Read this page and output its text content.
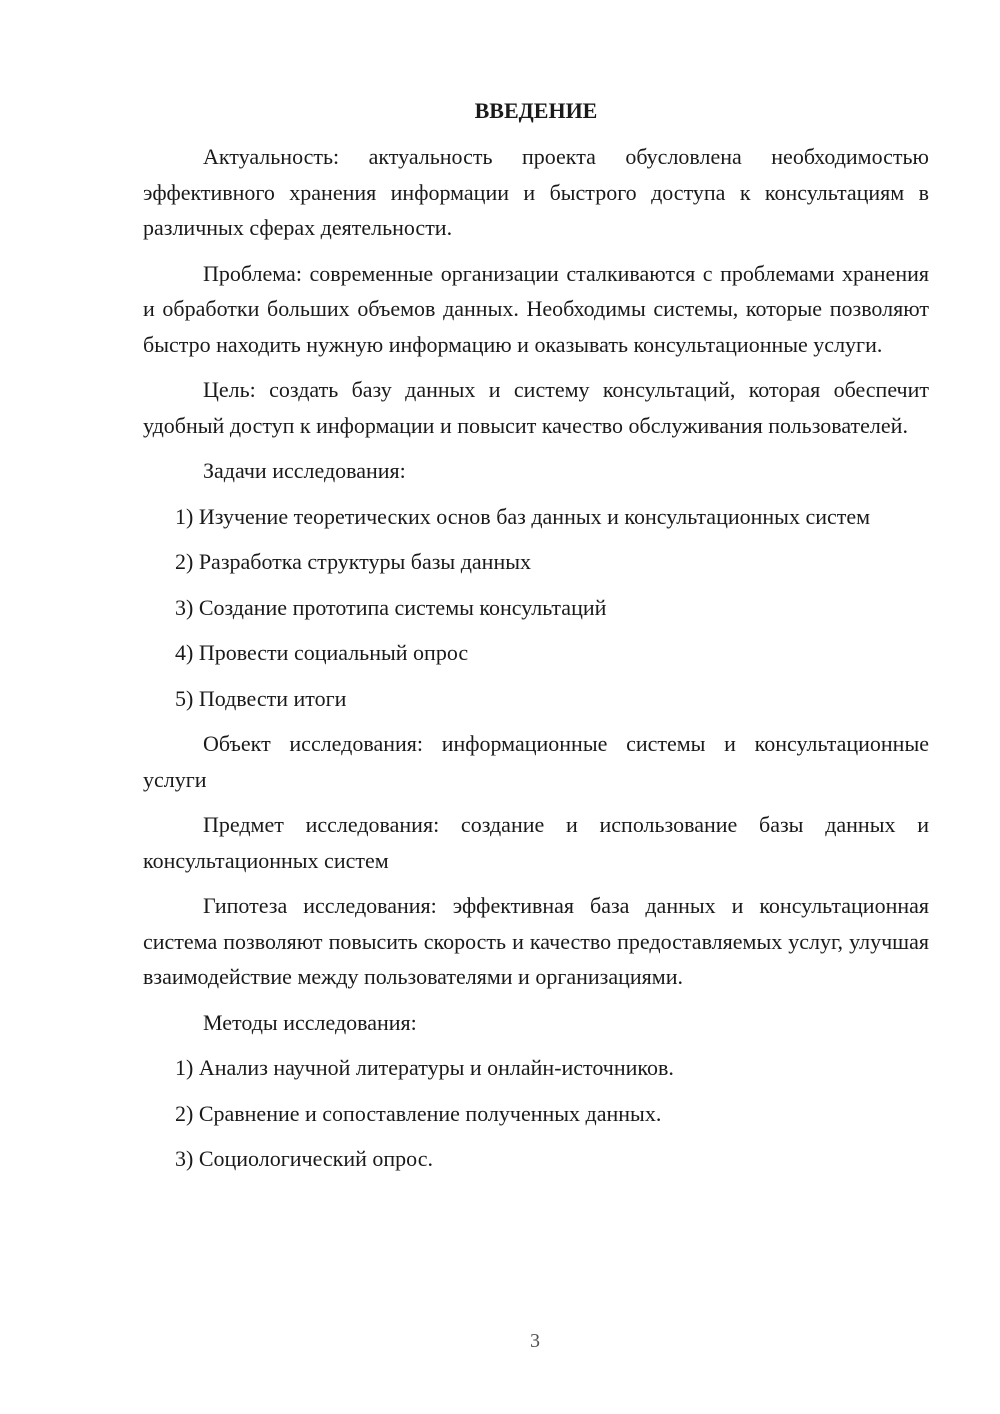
ВВЕДЕНИЕ

Актуальность: актуальность проекта обусловлена необходимостью эффективного хранения информации и быстрого доступа к консультациям в различных сферах деятельности.

Проблема: современные организации сталкиваются с проблемами хранения и обработки больших объемов данных. Необходимы системы, которые позволяют быстро находить нужную информацию и оказывать консультационные услуги.

Цель: создать базу данных и систему консультаций, которая обеспечит удобный доступ к информации и повысит качество обслуживания пользователей.

Задачи исследования:

1) Изучение теоретических основ баз данных и консультационных систем

2) Разработка структуры базы данных

3) Создание прототипа системы консультаций

4) Провести социальный опрос

5) Подвести итоги

Объект исследования: информационные системы и консультационные услуги

Предмет исследования: создание и использование базы данных и консультационных систем

Гипотеза исследования: эффективная база данных и консультационная система позволяют повысить скорость и качество предоставляемых услуг, улучшая взаимодействие между пользователями и организациями.

Методы исследования:

1) Анализ научной литературы и онлайн-источников.

2) Сравнение и сопоставление полученных данных.

3) Социологический опрос.

3
